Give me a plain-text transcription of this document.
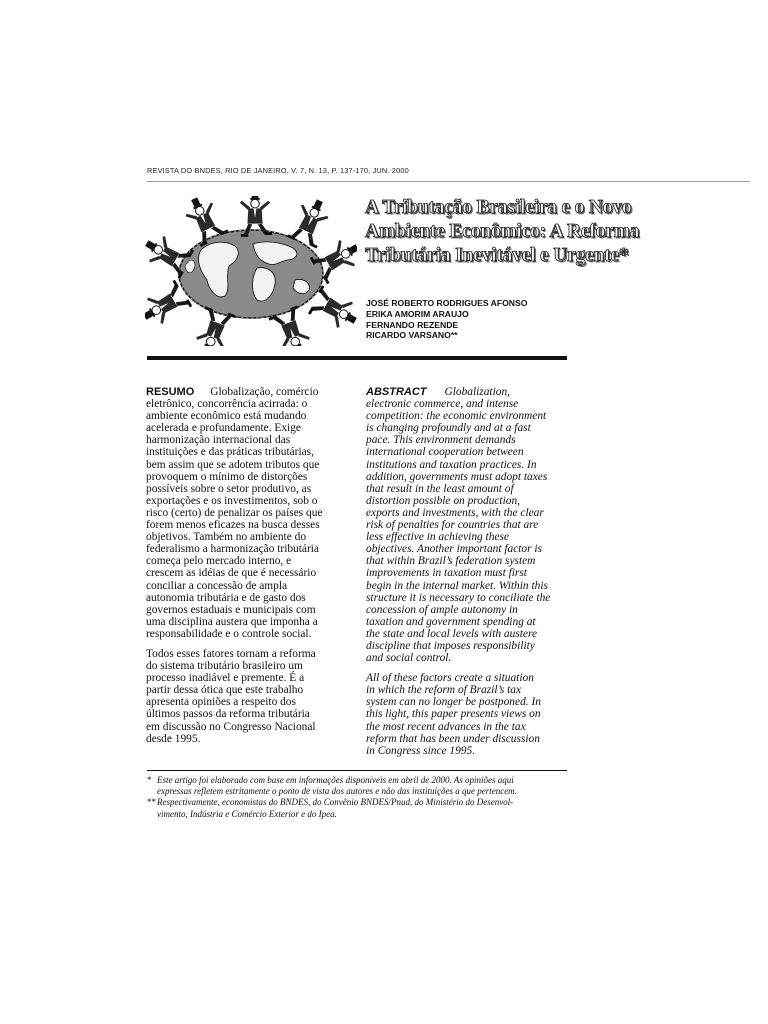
REVISTA DO BNDES, RIO DE JANEIRO, V. 7, N. 13, P. 137-170, JUN. 2000
A Tributação Brasileira e o Novo
Ambiente Econômico: A Reforma
Tributária Inevitável e Urgente*
JOSÉ ROBERTO RODRIGUES AFONSO
ERIKA AMORIM ARAUJO
FERNANDO REZENDE
RICARDO VARSANO**

RESUMO Globalização, comércio
eletrônico, concorrência acirrada: o
ambiente econômico está mudando
acelerada e profundamente. Exige
harmonização internacional das
instituições e das práticas tributárias,
bem assim que se adotem tributos que
provoquem o mínimo de distorções
possíveis sobre o setor produtivo, as
exportações e os investimentos, sob o
risco (certo) de penalizar os países que
forem menos eficazes na busca desses
objetivos. Também no ambiente do
federalismo a harmonização tributária
começa pelo mercado interno, e
crescem as idéias de que é necessário
conciliar a concessão de ampla
autonomia tributária e de gasto dos
governos estaduais e municipais com
uma disciplina austera que imponha a
responsabilidade e o controle social.

Todos esses fatores tornam a reforma
do sistema tributário brasileiro um
processo inadiável e premente. É a
partir dessa ótica que este trabalho
apresenta opiniões a respeito dos
últimos passos da reforma tributária
em discussão no Congresso Nacional
desde 1995.

ABSTRACT Globalization,
electronic commerce, and intense
competition: the economic environment
is changing profoundly and at a fast
pace. This environment demands
international cooperation between
institutions and taxation practices. In
addition, governments must adopt taxes
that result in the least amount of
distortion possible on production,
exports and investments, with the clear
risk of penalties for countries that are
less effective in achieving these
objectives. Another important factor is
that within Brazil’s federation system
improvements in taxation must first
begin in the internal market. Within this
structure it is necessary to conciliate the
concession of ample autonomy in
taxation and government spending at
the state and local levels with austere
discipline that imposes responsibility
and social control.

All of these factors create a situation
in which the reform of Brazil’s tax
system can no longer be postponed. In
this light, this paper presents views on
the most recent advances in the tax
reform that has been under discussion
in Congress since 1995.

* Este artigo foi elaborado com base em informações disponíveis em abril de 2000. As opiniões aqui
expressas refletem estritamente o ponto de vista dos autores e não das instituições a que pertencem.

**Respectivamente, economistas do BNDES, do Convênio BNDES/Pnud, do Ministério do Desenvol-
vimento, Indústria e Comércio Exterior e do Ipea.
